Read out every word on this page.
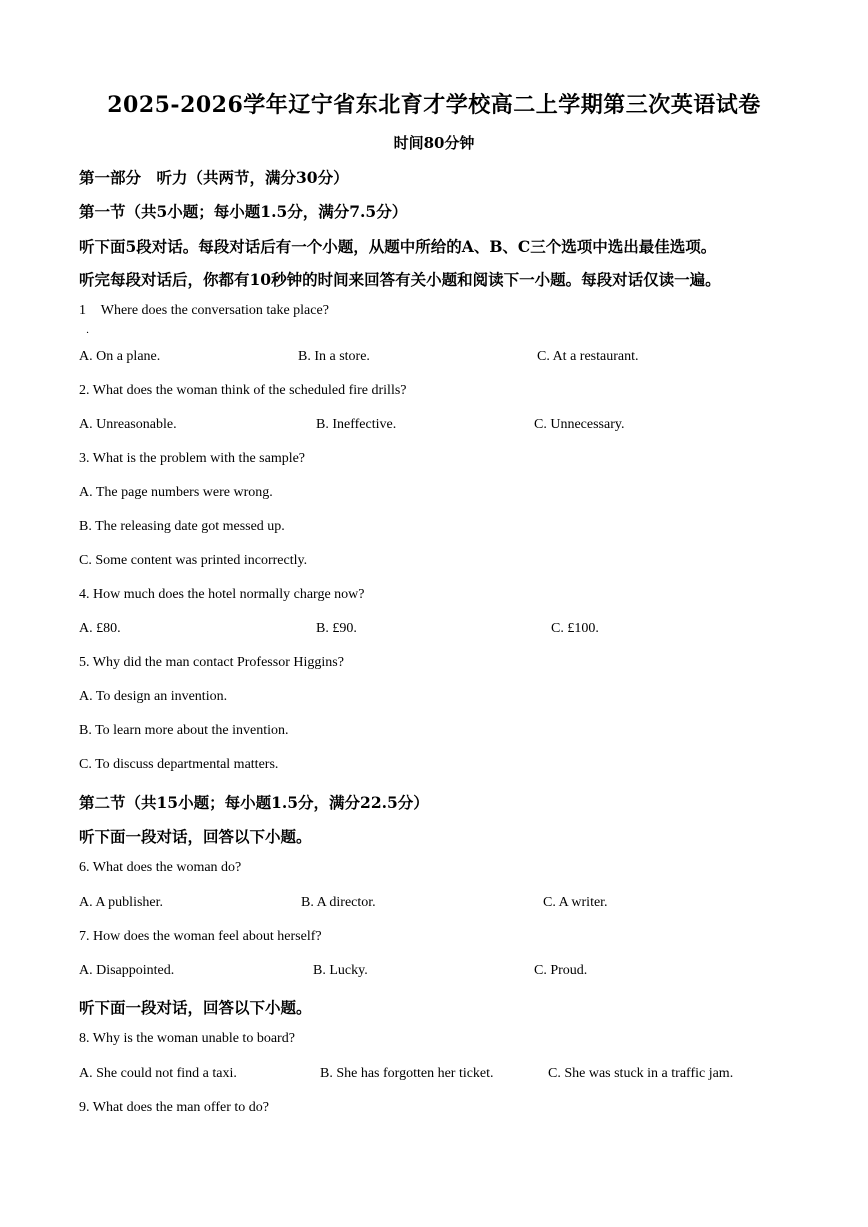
2025-2026学年辽宁省东北育才学校高二上学期第三次英语试卷
时间80分钟
第一部分　听力（共两节，满分30分）
第一节（共5小题；每小题1.5分，满分7.5分）
听下面5段对话。每段对话后有一个小题，从题中所给的A、B、C三个选项中选出最佳选项。
听完每段对话后，你都有10秒钟的时间来回答有关小题和阅读下一小题。每段对话仅读一遍。
1 Where does the conversation take place?
．
A. On a plane.	B. In a store.	C. At a restaurant.
2. What does the woman think of the scheduled fire drills?
A. Unreasonable.	B. Ineffective.	C. Unnecessary.
3. What is the problem with the sample?
A. The page numbers were wrong.
B. The releasing date got messed up.
C. Some content was printed incorrectly.
4. How much does the hotel normally charge now?
A. £80.	B. £90.	C. £100.
5. Why did the man contact Professor Higgins?
A. To design an invention.
B. To learn more about the invention.
C. To discuss departmental matters.
第二节（共15小题；每小题1.5分，满分22.5分）
听下面一段对话，回答以下小题。
6. What does the woman do?
A. A publisher.	B. A director.	C. A writer.
7. How does the woman feel about herself?
A. Disappointed.	B. Lucky.	C. Proud.
听下面一段对话，回答以下小题。
8. Why is the woman unable to board?
A. She could not find a taxi.	B. She has forgotten her ticket.	C. She was stuck in a traffic jam.
9. What does the man offer to do?
